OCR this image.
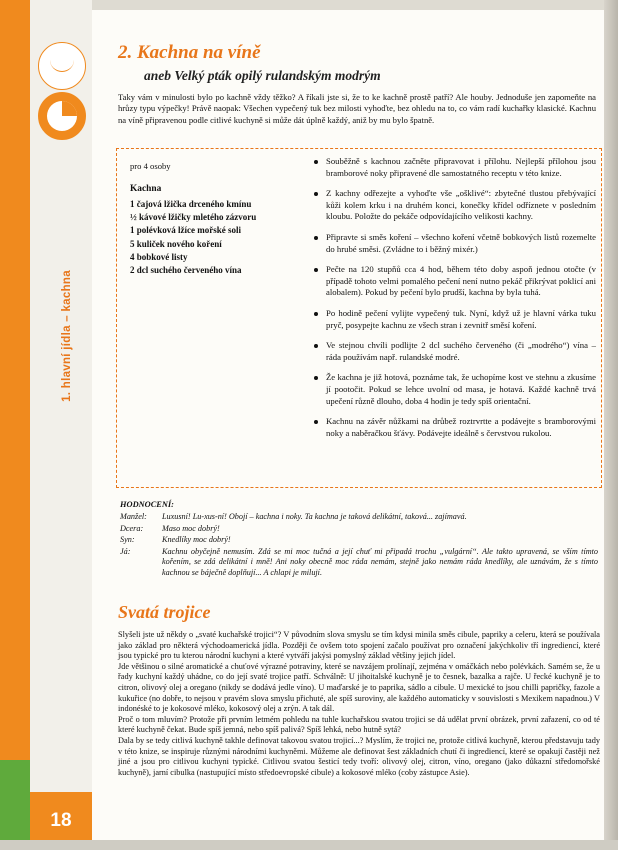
1. hlavní jídla – kachna
18
2. Kachna na víně
aneb Velký pták opilý rulandským modrým
Taky vám v minulosti bylo po kachně vždy těžko? A říkali jste si, že to ke kachně prostě patří? Ale houby. Jednoduše jen zapomeňte na hrůzy typu výpečky! Právě naopak: Všechen vypečený tuk bez milosti vyhoďte, bez ohledu na to, co vám radí kuchařky klasické. Kachnu na víně připravenou podle citlivé kuchyně si může dát úplně každý, aniž by mu bylo špatně.
pro 4 osoby
Kachna
1 čajová lžička drceného kmínu
½ kávové lžičky mletého zázvoru
1 polévková lžíce mořské soli
5 kuliček nového koření
4 bobkové listy
2 dcl suchého červeného vína
Souběžně s kachnou začněte připravovat i přílohu. Nejlepší přílohou jsou bramborové noky připravené dle samostatného receptu v této knize.
Z kachny odřezejte a vyhoďte vše „ošklivé“: zbytečné tlustou přebývající kůži kolem krku i na druhém konci, konečky křídel odříznete v posledním kloubu. Položte do pekáče odpovídajícího velikosti kachny.
Připravte si směs koření – všechno koření včetně bobkových listů rozemelte do hrubé směsi. (Zvládne to i běžný mixér.)
Pečte na 120 stupňů cca 4 hod, během této doby aspoň jednou otočte (v případě tohoto velmi pomalého pečení není nutno pekáč přikrývat poklicí ani alobalem). Pokud by pečení bylo prudší, kachna by byla tuhá.
Po hodině pečení vylijte vypečený tuk. Nyní, když už je hlavní várka tuku pryč, posypejte kachnu ze všech stran i zevnitř směsí koření.
Ve stejnou chvíli podlijte 2 dcl suchého červeného (či „modrého“) vína – ráda používám např. rulandské modré.
Že kachna je již hotová, poznáme tak, že uchopíme kost ve stehnu a zkusíme jí pootočit. Pokud se lehce uvolní od masa, je hotavá. Každé kachně trvá upečení různě dlouho, doba 4 hodin je tedy spíš orientační.
Kachnu na závěr nůžkami na drůbež roztrvrtte a podávejte s bramborovými noky a naběračkou šťávy. Podávejte ideálně s červstvou rukolou.
HODNOCENÍ:
Manžel:	Luxusní! Lu-xus-ní! Obojí – kachna i noky. Ta kachna je taková delikátní, taková... zajímavá.
Dcera:	Maso moc dobrý!
Syn:	Knedlíky moc dobrý!
Já:	Kachnu obyčejně nemusím. Zdá se mi moc tučná a její chuť mi připadá trochu „vulgární“. Ale takto upravená, se vším tímto kořením, se zdá delikátní i mně! Ani noky obecně moc ráda nemám, stejně jako nemám ráda knedlíky, ale uznávám, že s tímto kachnou se báječně doplňují... A chlapi je milují.
Svatá trojice

Slyšeli jste už někdy o „svaté kuchařské trojici“? V původním slova smyslu se tím kdysi minila směs cibule, papriky a celeru, která se používala jako základ pro některá východoamerická jídla. Později če ovšem toto spojení začalo používat pro označení jakýchkoliv tří ingrediencí, které jsou typické pro tu kterou národní kuchyni a které vytváří jakýsi pomyslný základ většiny jejich jídel.

Jde většinou o silné aromatické a chuťové výrazné potraviny, které se navzájem prolínají, zejména v omáčkách nebo polévkách. Samém se, že u řady kuchyní každý uhádne, co do její svaté trojice patří. Schválně: U jihoitalské kuchyně je to česnek, bazalka a rajče. U řecké kuchyně je to citron, olivový olej a oregano (nikdy se dodává jedle víno). U maďarské je to paprika, sádlo a cibule. U mexické to jsou chilli papričky, fazole a kukuřice (no dobře, to nejsou v pravém slova smyslu přichuté, ale spíš suroviny, ale každého automaticky v souvislosti s Mexikem napadnou.) V indonéské to je kokosové mléko, kokosový olej a zrýn. A tak dál.

Proč o tom mluvím? Protože při prvním letmém pohledu na tuhle kuchařskou svatou trojici se dá udělat první obrázek, první zařazení, co od té které kuchyně čekat. Bude spíš jemná, nebo spíš palivá? Spíš lehká, nebo hutně sytá?

Dala by se tedy citlivá kuchyně takhle definovat takovou svatou trojicí...? Myslím, že trojici ne, protože citlivá kuchyně, kterou představuju tady v této knize, se inspiruje různými národními kuchyněmi. Můžeme ale definovat šest základních chutí či ingrediencí, které se opakují častěji než jiné a jsou pro citlivou kuchyni typické. Citlivou svatou šesticí tedy tvoří: olivový olej, citron, víno, oregano (jako důkazní středomořské kuchyně), jarní cibulka (nastupující místo středoevropské cibule) a kokosové mléko (coby zástupce Asie).
